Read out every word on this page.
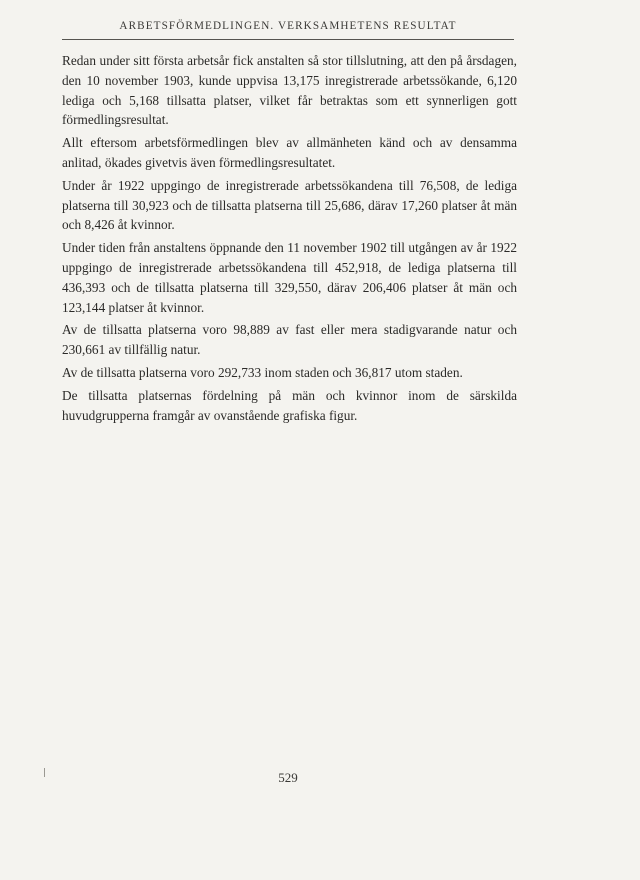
ARBETSFÖRMEDLINGEN. VERKSAMHETENS RESULTAT

Redan under sitt första arbetsår fick anstalten så stor tillslutning, att den på årsdagen, den 10 november 1903, kunde uppvisa 13,175 inregistrerade arbetssökande, 6,120 lediga och 5,168 tillsatta platser, vilket får betraktas som ett synnerligen gott förmedlingsresultat.

Allt eftersom arbetsförmedlingen blev av allmänheten känd och av densamma anlitad, ökades givetvis även förmedlingsresultatet.

Under år 1922 uppgingo de inregistrerade arbetssökandena till 76,508, de lediga platserna till 30,923 och de tillsatta platserna till 25,686, därav 17,260 platser åt män och 8,426 åt kvinnor.

Under tiden från anstaltens öppnande den 11 november 1902 till utgången av år 1922 uppgingo de inregistrerade arbetssökandena till 452,918, de lediga platserna till 436,393 och de tillsatta platserna till 329,550, därav 206,406 platser åt män och 123,144 platser åt kvinnor.

Av de tillsatta platserna voro 98,889 av fast eller mera stadigvarande natur och 230,661 av tillfällig natur.

Av de tillsatta platserna voro 292,733 inom staden och 36,817 utom staden.

De tillsatta platsernas fördelning på män och kvinnor inom de särskilda huvudgrupperna framgår av ovanstående grafiska figur.

529
